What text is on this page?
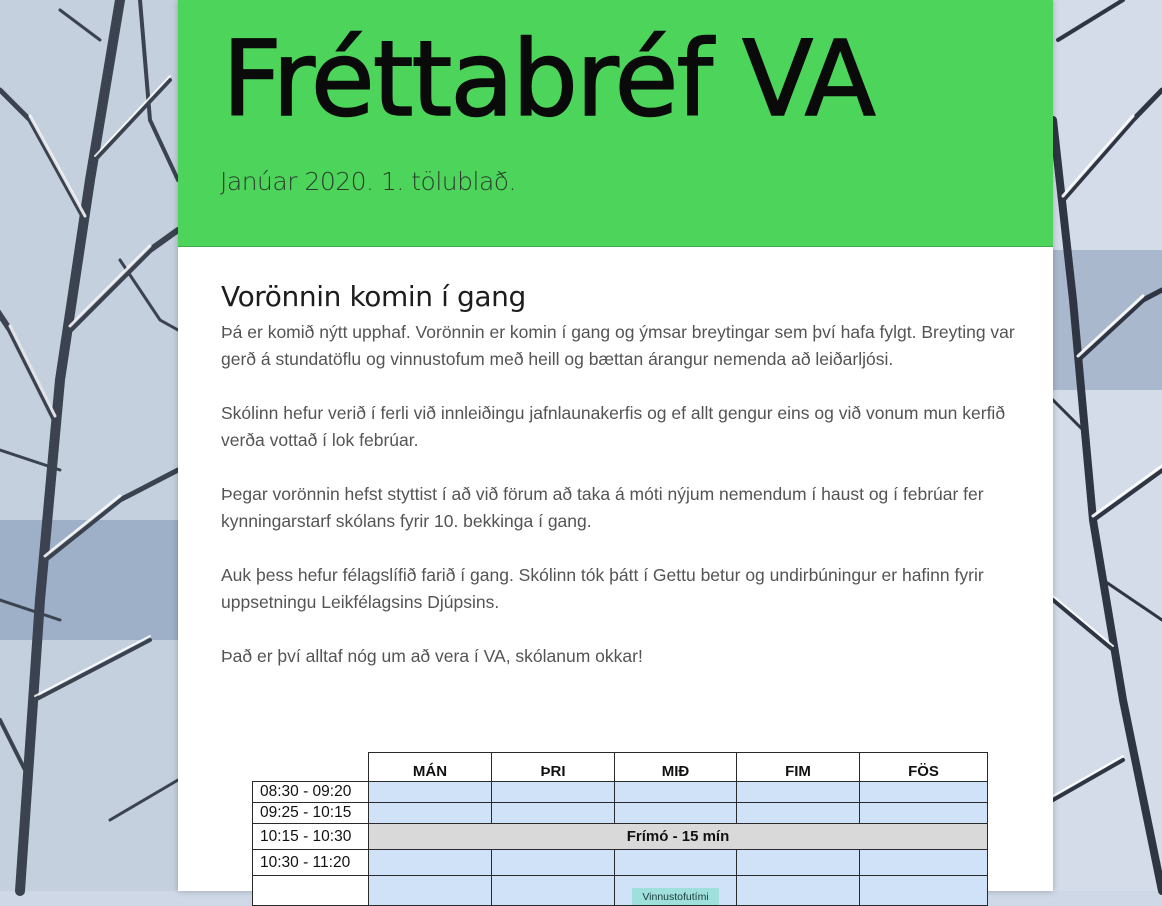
Fréttabréf VA

Janúar 2020. 1. tölublað.

Vorönnin komin í gang

Þá er komið nýtt upphaf. Vorönnin er komin í gang og ýmsar breytingar sem því hafa fylgt. Breyting var gerð á stundatöflu og vinnustofum með heill og bættan árangur nemenda að leiðarljósi.

Skólinn hefur verið í ferli við innleiðingu jafnlaunakerfis og ef allt gengur eins og við vonum mun kerfið verða vottað í lok febrúar.

Þegar vorönnin hefst styttist í að við förum að taka á móti nýjum nemendum í haust og í febrúar fer kynningarstarf skólans fyrir 10. bekkinga í gang.

Auk þess hefur félagslífið farið í gang. Skólinn tók þátt í Gettu betur og undirbúningur er hafinn fyrir uppsetningu Leikfélagsins Djúpsins.

Það er því alltaf nóg um að vera í VA, skólanum okkar!

	MÁN	ÞRI	MIÐ	FIM	FÖS
08:30 - 09:20					
09:25 - 10:15					
10:15 - 10:30	Frímó - 15 mín				
10:30 - 11:20					
			Vinnustofutími		
